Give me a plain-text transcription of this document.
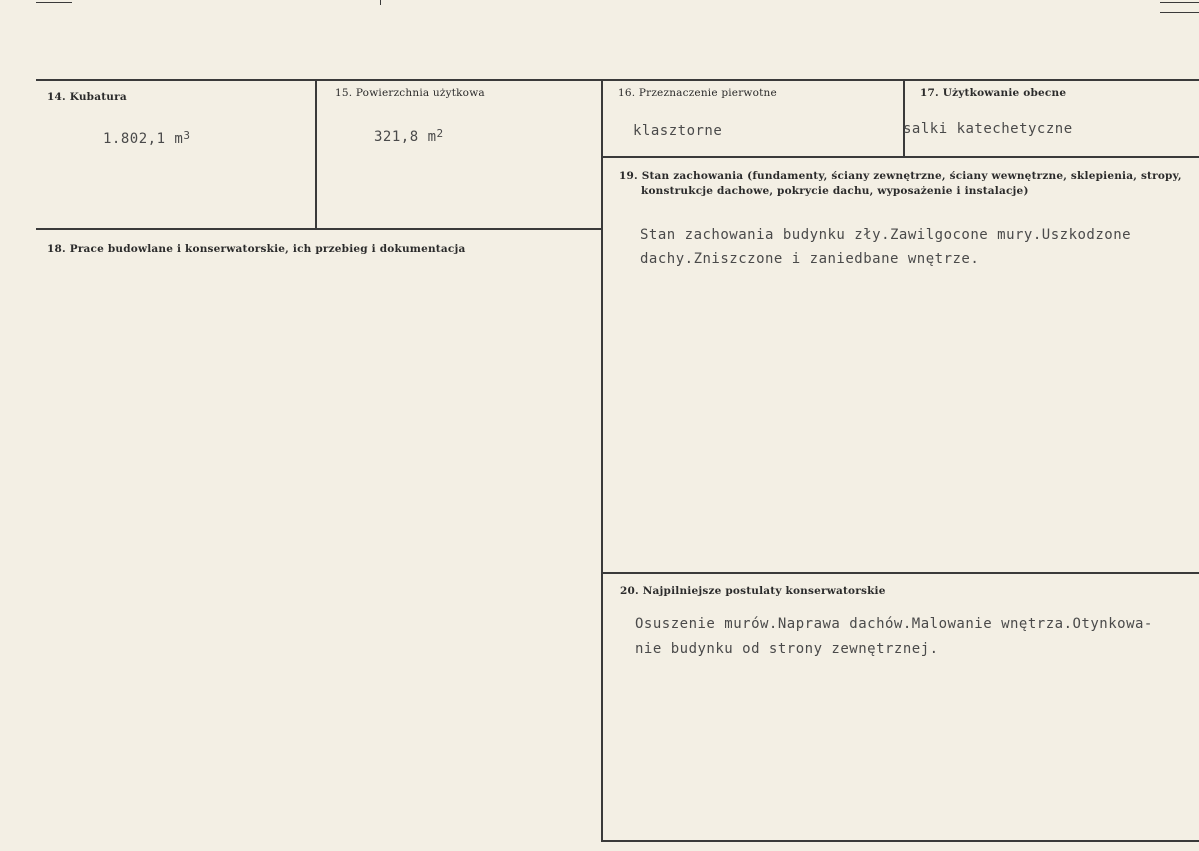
14. Kubatura
1.802,1 $m^3$
15. Powierzchnia użytkowa
321,8 $m^2$
16. Przeznaczenie pierwotne
klasztorne
17. Użytkowanie obecne
salki katechetyczne
18. Prace budowlane i konserwatorskie, ich przebieg i dokumentacja
19. Stan zachowania (fundamenty, ściany zewnętrzne, ściany wewnętrzne, sklepienia, stropy,
konstrukcje dachowe, pokrycie dachu, wyposażenie i instalacje)
Stan zachowania budynku zły.Zawilgocone mury.Uszkodzone
dachy.Zniszczone i zaniedbane wnętrze.
20. Najpilniejsze postulaty konserwatorskie
Osuszenie murów.Naprawa dachów.Malowanie wnętrza.Otynkowa-
nie budynku od strony zewnętrznej.
